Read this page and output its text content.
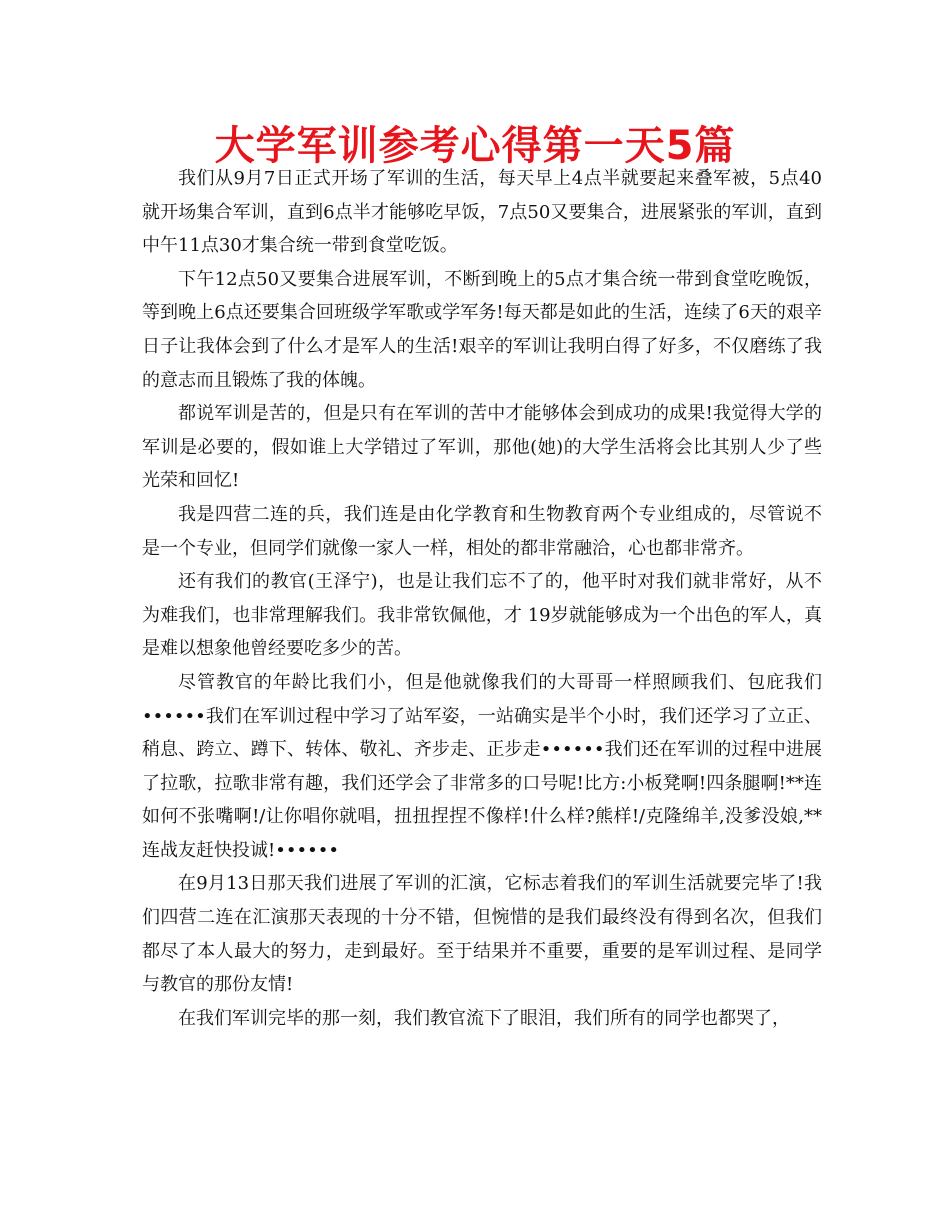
大学军训参考心得第一天5篇

我们从9月7日正式开场了军训的生活，每天早上4点半就要起来叠军被，5点40就开场集合军训，直到6点半才能够吃早饭，7点50又要集合，进展紧张的军训，直到中午11点30才集合统一带到食堂吃饭。

下午12点50又要集合进展军训，不断到晚上的5点才集合统一带到食堂吃晚饭，等到晚上6点还要集合回班级学军歌或学军务!每天都是如此的生活，连续了6天的艰辛日子让我体会到了什么才是军人的生活!艰辛的军训让我明白得了好多，不仅磨练了我的意志而且锻炼了我的体魄。

都说军训是苦的，但是只有在军训的苦中才能够体会到成功的成果!我觉得大学的军训是必要的，假如谁上大学错过了军训，那他(她)的大学生活将会比其别人少了些光荣和回忆!

我是四营二连的兵，我们连是由化学教育和生物教育两个专业组成的，尽管说不是一个专业，但同学们就像一家人一样，相处的都非常融洽，心也都非常齐。

还有我们的教官(王泽宁)，也是让我们忘不了的，他平时对我们就非常好，从不为难我们，也非常理解我们。我非常钦佩他，才 19岁就能够成为一个出色的军人，真是难以想象他曾经要吃多少的苦。

尽管教官的年龄比我们小，但是他就像我们的大哥哥一样照顾我们、包庇我们••••••我们在军训过程中学习了站军姿，一站确实是半个小时，我们还学习了立正、稍息、跨立、蹲下、转体、敬礼、齐步走、正步走••••••我们还在军训的过程中进展了拉歌，拉歌非常有趣，我们还学会了非常多的口号呢!比方:小板凳啊!四条腿啊!**连如何不张嘴啊!/让你唱你就唱，扭扭捏捏不像样!什么样?熊样!/克隆绵羊,没爹没娘,**连战友赶快投诚!••••••

在9月13日那天我们进展了军训的汇演，它标志着我们的军训生活就要完毕了!我们四营二连在汇演那天表现的十分不错，但惋惜的是我们最终没有得到名次，但我们都尽了本人最大的努力，走到最好。至于结果并不重要，重要的是军训过程、是同学与教官的那份友情!

在我们军训完毕的那一刻，我们教官流下了眼泪，我们所有的同学也都哭了，
